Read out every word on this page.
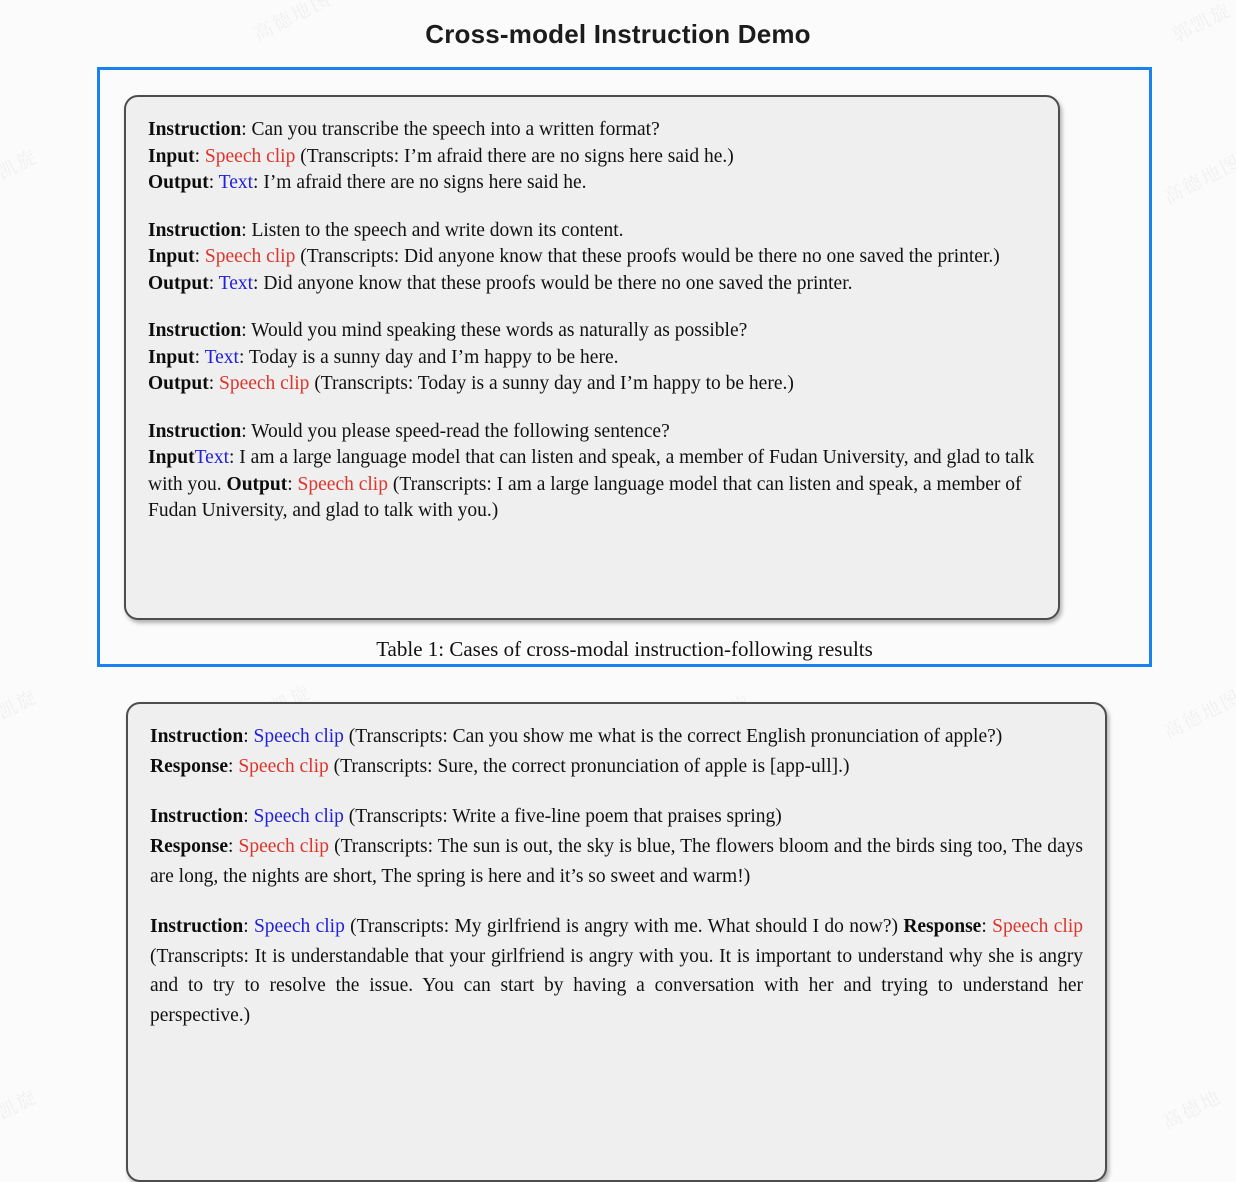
Cross-model Instruction Demo
Instruction: Can you transcribe the speech into a written format?
Input: Speech clip (Transcripts: I’m afraid there are no signs here said he.)
Output: Text: I’m afraid there are no signs here said he.
Instruction: Listen to the speech and write down its content.
Input: Speech clip (Transcripts: Did anyone know that these proofs would be there no one saved the printer.)
Output: Text: Did anyone know that these proofs would be there no one saved the printer.
Instruction: Would you mind speaking these words as naturally as possible?
Input: Text: Today is a sunny day and I’m happy to be here.
Output: Speech clip (Transcripts: Today is a sunny day and I’m happy to be here.)
Instruction: Would you please speed-read the following sentence?
InputText: I am a large language model that can listen and speak, a member of Fudan University, and glad to talk with you. Output: Speech clip (Transcripts: I am a large language model that can listen and speak, a member of Fudan University, and glad to talk with you.)
Table 1: Cases of cross-modal instruction-following results
Instruction: Speech clip (Transcripts: Can you show me what is the correct English pronunciation of apple?)
Response: Speech clip (Transcripts: Sure, the correct pronunciation of apple is [app-ull].)
Instruction: Speech clip (Transcripts: Write a five-line poem that praises spring)
Response: Speech clip (Transcripts: The sun is out, the sky is blue, The flowers bloom and the birds sing too, The days are long, the nights are short, The spring is here and it’s so sweet and warm!)
Instruction: Speech clip (Transcripts: My girlfriend is angry with me. What should I do now?) Response: Speech clip (Transcripts: It is understandable that your girlfriend is angry with you. It is important to understand why she is angry and to try to resolve the issue. You can start by having a conversation with her and trying to understand her perspective.)
